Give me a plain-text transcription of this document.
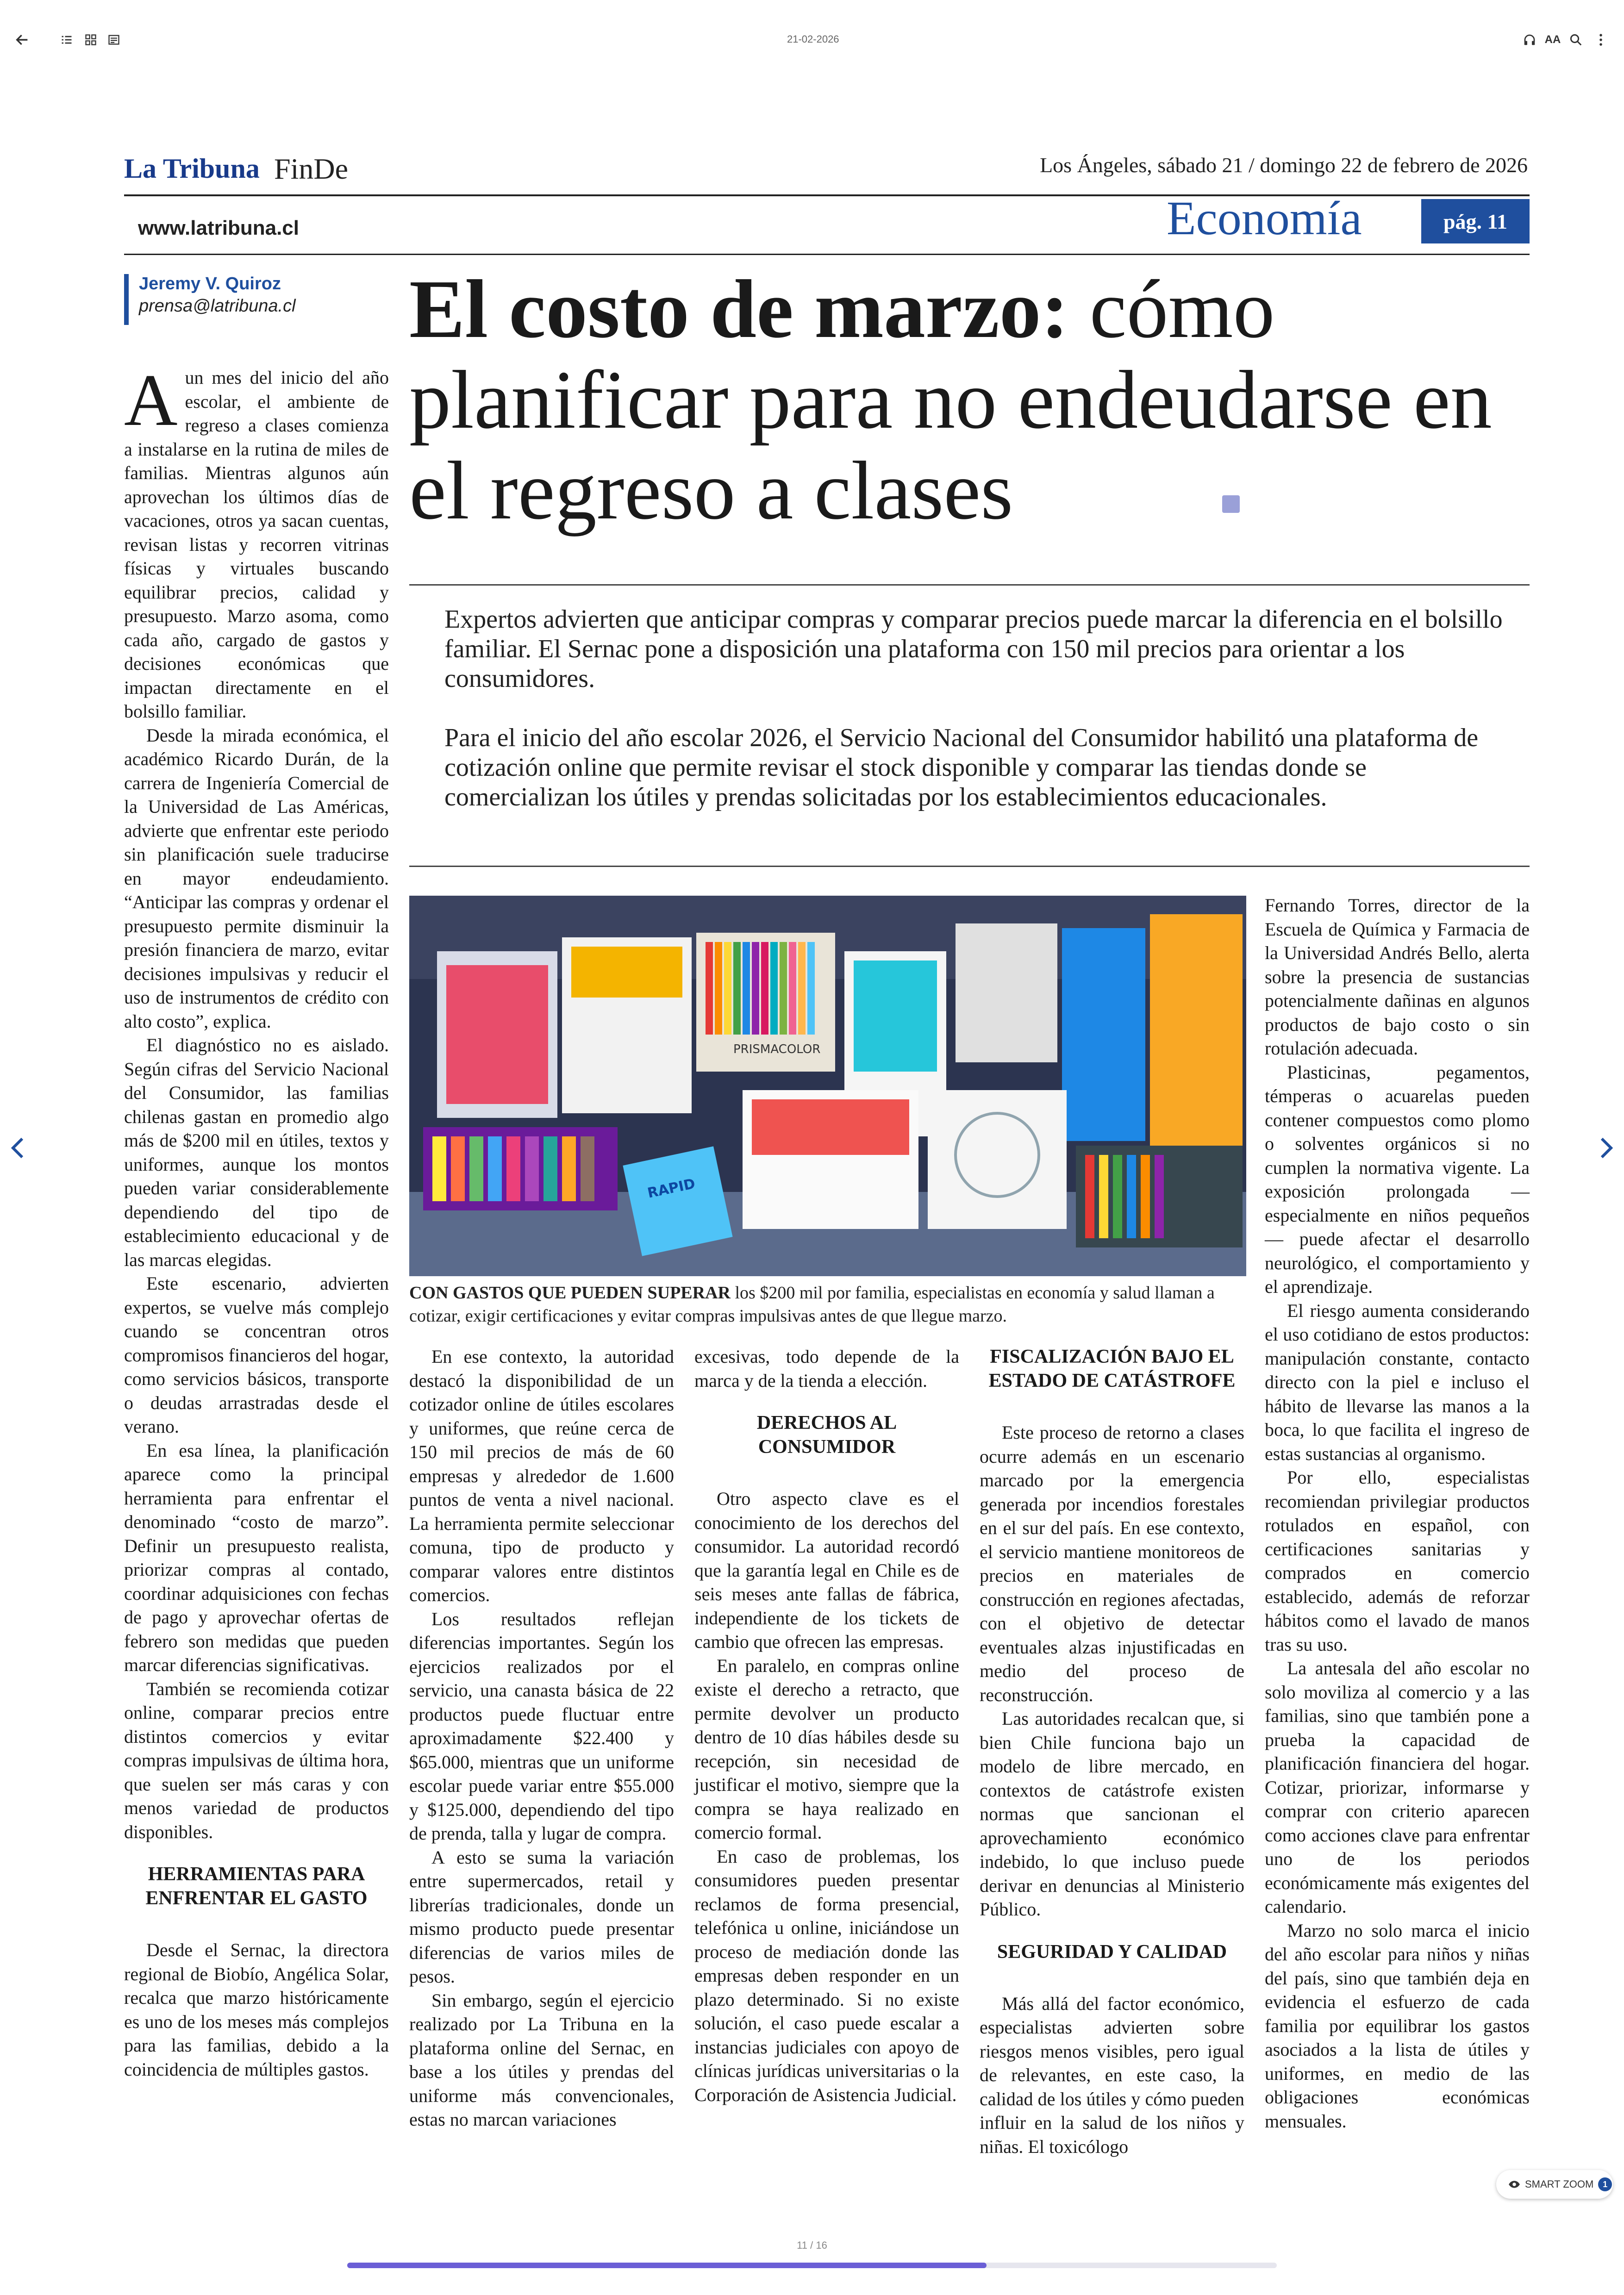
21-02-2026	AA
La Tribuna FinDe	Los Ángeles, sábado 21 / domingo 22 de febrero de 2026
www.latribuna.cl	Economía	pág. 11
Jeremy V. Quiroz
prensa@latribuna.cl El costo de marzo: cómo planificar para no endeudarse en el regreso a clases

Expertos advierten que anticipar compras y comparar precios puede marcar la diferencia en el bolsillo familiar. El Sernac pone a disposición una plataforma con 150 mil precios para orientar a los consumidores.

Para el inicio del año escolar 2026, el Servicio Nacional del Consumidor habilitó una plataforma de cotización online que permite revisar el stock disponible y comparar las tiendas donde se comercializan los útiles y prendas solicitadas por los establecimientos educacionales.

Aun mes del inicio del año escolar, el ambiente de regreso a clases comienza a instalarse en la rutina de miles de familias. Mientras algunos aún aprovechan los últimos días de vacaciones, otros ya sacan cuentas, revisan listas y recorren vitrinas físicas y virtuales buscando equilibrar precios, calidad y presupuesto. Marzo asoma, como cada año, cargado de gastos y decisiones económicas que impactan directamente en el bolsillo familiar.

Desde la mirada económica, el académico Ricardo Durán, de la carrera de Ingeniería Comercial de la Universidad de Las Américas, advierte que enfrentar este periodo sin planificación suele traducirse en mayor endeudamiento. “Anticipar las compras y ordenar el presupuesto permite disminuir la presión financiera de marzo, evitar decisiones impulsivas y reducir el uso de instrumentos de crédito con alto costo”, explica.

El diagnóstico no es aislado. Según cifras del Servicio Nacional del Consumidor, las familias chilenas gastan en promedio algo más de $200 mil en útiles, textos y uniformes, aunque los montos pueden variar considerablemente dependiendo del tipo de establecimiento educacional y de las marcas elegidas.

Este escenario, advierten expertos, se vuelve más complejo cuando se concentran otros compromisos financieros del hogar, como servicios básicos, transporte o deudas arrastradas desde el verano.

En esa línea, la planificación aparece como la principal herramienta para enfrentar el denominado “costo de marzo”. Definir un presupuesto realista, priorizar compras al contado, coordinar adquisiciones con fechas de pago y aprovechar ofertas de febrero son medidas que pueden marcar diferencias significativas.

También se recomienda cotizar online, comparar precios entre distintos comercios y evitar compras impulsivas de última hora, que suelen ser más caras y con menos variedad de productos disponibles.

HERRAMIENTAS PARA ENFRENTAR EL GASTO

Desde el Sernac, la directora regional de Biobío, Angélica Solar, recalca que marzo históricamente es uno de los meses más complejos para las familias, debido a la coincidencia de múltiples gastos.

PRISMACOLOR
RAPID
CON GASTOS QUE PUEDEN SUPERAR los $200 mil por familia, especialistas en economía y salud llaman a cotizar, exigir certificaciones y evitar compras impulsivas antes de que llegue marzo.

En ese contexto, la autoridad destacó la disponibilidad de un cotizador online de útiles escolares y uniformes, que reúne cerca de 150 mil precios de más de 60 empresas y alrededor de 1.600 puntos de venta a nivel nacional. La herramienta permite seleccionar comuna, tipo de producto y comparar valores entre distintos comercios.

Los resultados reflejan diferencias importantes. Según los ejercicios realizados por el servicio, una canasta básica de 22 productos puede fluctuar entre aproximadamente $22.400 y $65.000, mientras que un uniforme escolar puede variar entre $55.000 y $125.000, dependiendo del tipo de prenda, talla y lugar de compra.

A esto se suma la variación entre supermercados, retail y librerías tradicionales, donde un mismo producto puede presentar diferencias de varios miles de pesos.

Sin embargo, según el ejercicio realizado por La Tribuna en la plataforma online del Sernac, en base a los útiles y prendas del uniforme más convencionales, estas no marcan variaciones

excesivas, todo depende de la marca y de la tienda a elección.

DERECHOS AL CONSUMIDOR

Otro aspecto clave es el conocimiento de los derechos del consumidor. La autoridad recordó que la garantía legal en Chile es de seis meses ante fallas de fábrica, independiente de los tickets de cambio que ofrecen las empresas.

En paralelo, en compras online existe el derecho a retracto, que permite devolver un producto dentro de 10 días hábiles desde su recepción, sin necesidad de justificar el motivo, siempre que la compra se haya realizado en comercio formal.

En caso de problemas, los consumidores pueden presentar reclamos de forma presencial, telefónica u online, iniciándose un proceso de mediación donde las empresas deben responder en un plazo determinado. Si no existe solución, el caso puede escalar a instancias judiciales con apoyo de clínicas jurídicas universitarias o la Corporación de Asistencia Judicial.

FISCALIZACIÓN BAJO EL ESTADO DE CATÁSTROFE

Este proceso de retorno a clases ocurre además en un escenario marcado por la emergencia generada por incendios forestales en el sur del país. En ese contexto, el servicio mantiene monitoreos de precios en materiales de construcción en regiones afectadas, con el objetivo de detectar eventuales alzas injustificadas en medio del proceso de reconstrucción.

Las autoridades recalcan que, si bien Chile funciona bajo un modelo de libre mercado, en contextos de catástrofe existen normas que sancionan el aprovechamiento económico indebido, lo que incluso puede derivar en denuncias al Ministerio Público.

SEGURIDAD Y CALIDAD

Más allá del factor económico, especialistas advierten sobre riesgos menos visibles, pero igual de relevantes, en este caso, la calidad de los útiles y cómo pueden influir en la salud de los niños y niñas. El toxicólogo

Fernando Torres, director de la Escuela de Química y Farmacia de la Universidad Andrés Bello, alerta sobre la presencia de sustancias potencialmente dañinas en algunos productos de bajo costo o sin rotulación adecuada.

Plasticinas, pegamentos, témperas o acuarelas pueden contener compuestos como plomo o solventes orgánicos si no cumplen la normativa vigente. La exposición prolongada —especialmente en niños pequeños— puede afectar el desarrollo neurológico, el comportamiento y el aprendizaje.

El riesgo aumenta considerando el uso cotidiano de estos productos: manipulación constante, contacto directo con la piel e incluso el hábito de llevarse las manos a la boca, lo que facilita el ingreso de estas sustancias al organismo.

Por ello, especialistas recomiendan privilegiar productos rotulados en español, con certificaciones sanitarias y comprados en comercio establecido, además de reforzar hábitos como el lavado de manos tras su uso.

La antesala del año escolar no solo moviliza al comercio y a las familias, sino que también pone a prueba la capacidad de planificación financiera del hogar. Cotizar, priorizar, informarse y comprar con criterio aparecen como acciones clave para enfrentar uno de los periodos económicamente más exigentes del calendario.

Marzo no solo marca el inicio del año escolar para niños y niñas del país, sino que también deja en evidencia el esfuerzo de cada familia por equilibrar los gastos asociados a la lista de útiles y uniformes, en medio de las obligaciones económicas mensuales.

SMART ZOOM	1
11 / 16
